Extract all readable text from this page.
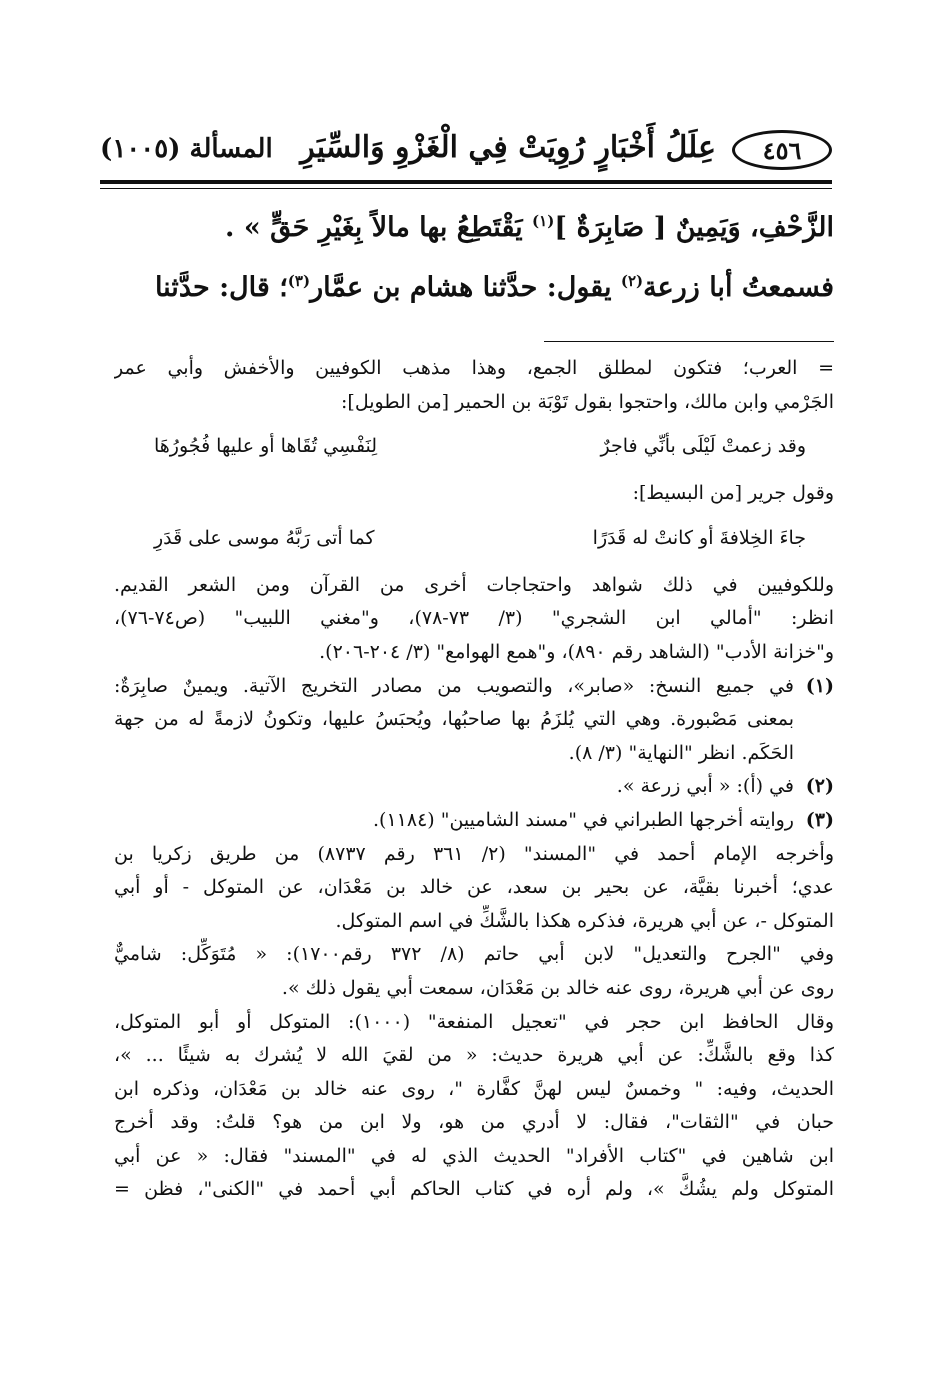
٤٥٦
عِلَلُ أَخْبَارٍ رُوِيَتْ فِي الْغَزْوِ وَالسِّيَرِ
المسألة (١٠٠٥)

الزَّحْفِ، وَيَمِينٌ [ صَابِرَةٌ ]$^{(١)}$ يَقْتَطِعُ بها مالاً بِغَيْرِ حَقٍّ » .

فسمعتُ أبا زرعة$^{(٢)}$ يقول: حدَّثنا هشام بن عمَّار$^{(٣)}$؛ قال: حدَّثنا

= العرب؛ فتكون لمطلق الجمع، وهذا مذهب الكوفيين والأخفش وأبي عمر
الجَرْمي وابن مالك، واحتجوا بقول تَوْبَة بن الحمير [من الطويل]:
وقد زعمتْ لَيْلَى بأنِّي فاجرٌ
لِنَفْسِي تُقَاها أو عليها فُجُورُهَا
وقول جرير [من البسيط]:
جاءَ الخِلافةَ أو كانتْ له قَدَرًا
كما أتى رَبَّهُ موسى على قَدَرِ
وللكوفيين في ذلك شواهد واحتجاجات أخرى من القرآن ومن الشعر القديم.
انظر: "أمالي ابن الشجري" (٣/ ٧٣-٧٨)، و"مغني اللبيب" (ص٧٤-٧٦)،
و"خزانة الأدب" (الشاهد رقم ٨٩٠)، و"همع الهوامع" (٣/ ٢٠٤-٢٠٦).
(١)
في جميع النسخ: «صابر»، والتصويب من مصادر التخريج الآتية. ويمينٌ صابِرَةٌ:
بمعنى مَصْبورة. وهي التي يُلزَمُ بها صاحبُها، ويُحبَسُ عليها، وتكونُ لازمةً له من جهة
الحَكَم. انظر "النهاية" (٣/ ٨).
(٢)
في (أ): « أبي زرعة ».
(٣)
روايته أخرجها الطبراني في "مسند الشاميين" (١١٨٤).
وأخرجه الإمام أحمد في "المسند" (٢/ ٣٦١ رقم ٨٧٣٧) من طريق زكريا بن
عدي؛ أخبرنا بقيَّة، عن بحير بن سعد، عن خالد بن مَعْدَان، عن المتوكل - أو أبي
المتوكل -، عن أبي هريرة، فذكره هكذا بالشَّكِّ في اسم المتوكل.
وفي "الجرح والتعديل" لابن أبي حاتم (٨/ ٣٧٢ رقم١٧٠٠): « مُتَوَكِّل: شاميٌّ
روى عن أبي هريرة، روى عنه خالد بن مَعْدَان، سمعت أبي يقول ذلك ».
وقال الحافظ ابن حجر في "تعجيل المنفعة" (١٠٠٠): المتوكل أو أبو المتوكل،
كذا وقع بالشَّكِّ: عن أبي هريرة حديث: « من لقيَ الله لا يُشرك به شيئًا ... »،
الحديث، وفيه: " وخمسٌ ليس لهنَّ كفَّارة "، روى عنه خالد بن مَعْدَان، وذكره ابن
حبان في "الثقات"، فقال: لا أدري من هو، ولا ابن من هو؟ قلتُ: وقد أخرج
ابن شاهين في "كتاب الأفراد" الحديث الذي له في "المسند" فقال: « عن أبي
المتوكل ولم يشُكَّ »، ولم أره في كتاب الحاكم أبي أحمد في "الكنى"، فظن =
